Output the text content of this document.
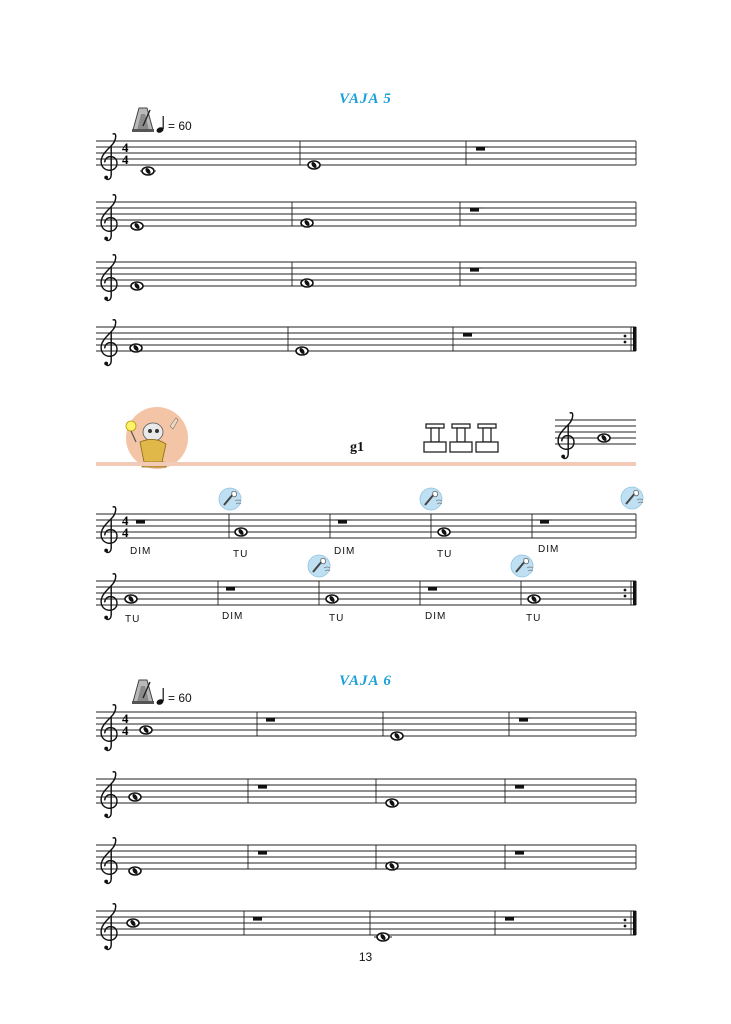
VAJA 5
= 60
g1
DIM	TU	DIM	TU	DIM
TU	DIM	TU	DIM	TU
VAJA 6
= 60
13
4
4
4
4
4
4
